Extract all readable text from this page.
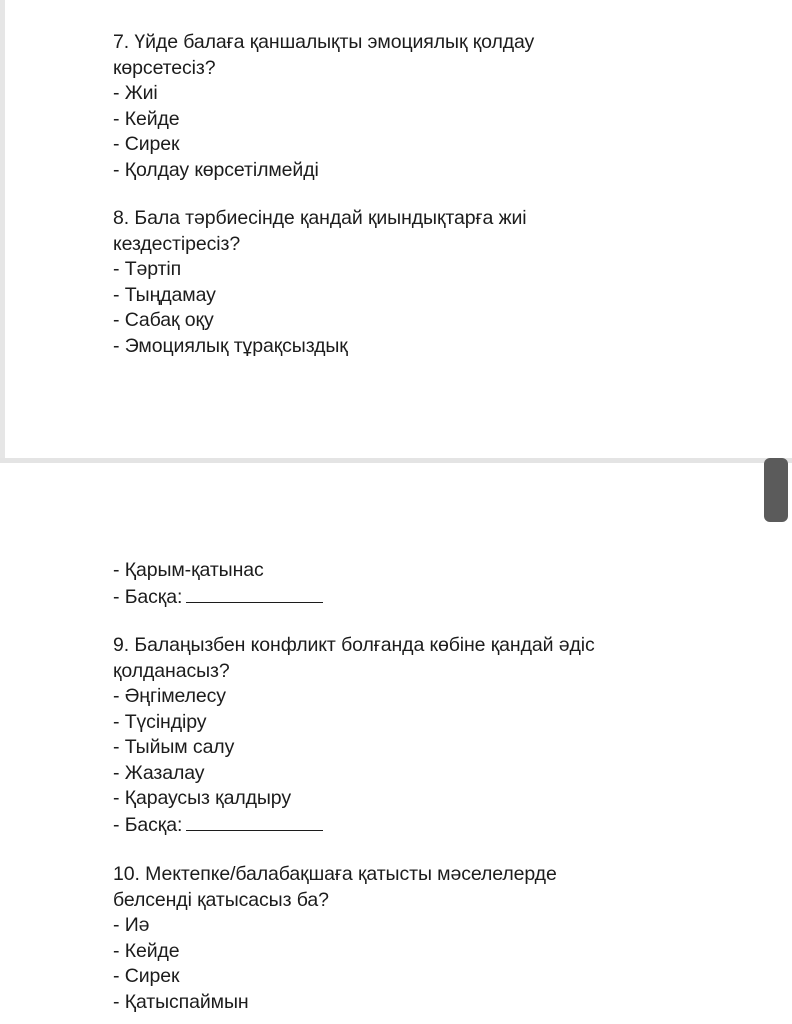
7. Үйде балаға қаншалықты эмоциялық қолдау
көрсетесіз?
- Жиі
- Кейде
- Сирек
- Қолдау көрсетілмейді
8. Бала тәрбиесінде қандай қиындықтарға жиі
кездестіресіз?
- Тәртіп
- Тыңдамау
- Сабақ оқу
- Эмоциялық тұрақсыздық
- Қарым-қатынас
- Басқа:
9. Балаңызбен конфликт болғанда көбіне қандай әдіс
қолданасыз?
- Әңгімелесу
- Түсіндіру
- Тыйым салу
- Жазалау
- Қараусыз қалдыру
- Басқа:
10. Мектепке/балабақшаға қатысты мәселелерде
белсенді қатысасыз ба?
- Иә
- Кейде
- Сирек
- Қатыспаймын
